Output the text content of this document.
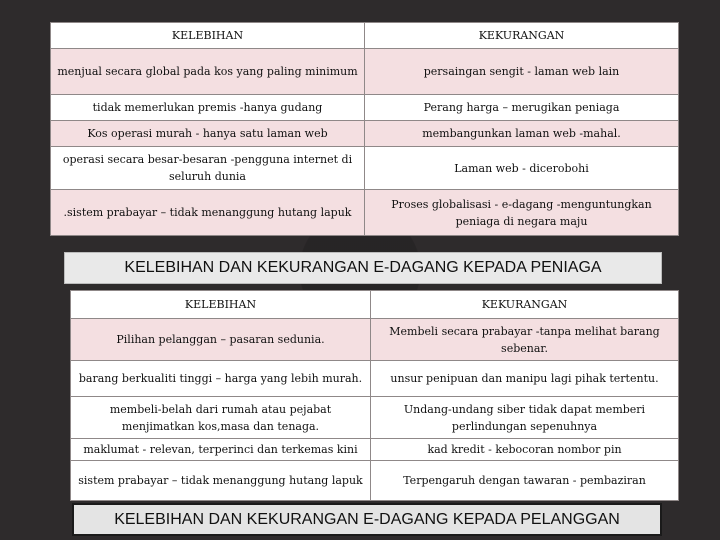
KELEBIHAN	KEKURANGAN
menjual secara global pada kos yang paling minimum	persaingan sengit - laman web lain
tidak memerlukan premis -hanya gudang	Perang harga – merugikan peniaga
Kos operasi murah - hanya satu laman web	membangunkan laman web -mahal.
operasi secara besar-besaran -pengguna internet di seluruh dunia	Laman web - dicerobohi
.sistem prabayar – tidak menanggung hutang lapuk	Proses globalisasi - e-dagang -menguntungkan peniaga di negara maju
KELEBIHAN DAN KEKURANGAN E-DAGANG KEPADA PENIAGA
KELEBIHAN	KEKURANGAN
Pilihan pelanggan – pasaran sedunia.	Membeli secara prabayar -tanpa melihat barang sebenar.
barang berkualiti tinggi – harga yang lebih murah.	unsur penipuan dan manipu lagi pihak tertentu.
membeli-belah dari rumah atau pejabat menjimatkan kos,masa dan tenaga.	Undang-undang siber tidak dapat memberi perlindungan sepenuhnya
maklumat - relevan, terperinci dan terkemas kini	kad kredit - kebocoran nombor pin
sistem prabayar – tidak menanggung hutang lapuk	Terpengaruh dengan tawaran - pembaziran
KELEBIHAN DAN KEKURANGAN E-DAGANG KEPADA PELANGGAN
